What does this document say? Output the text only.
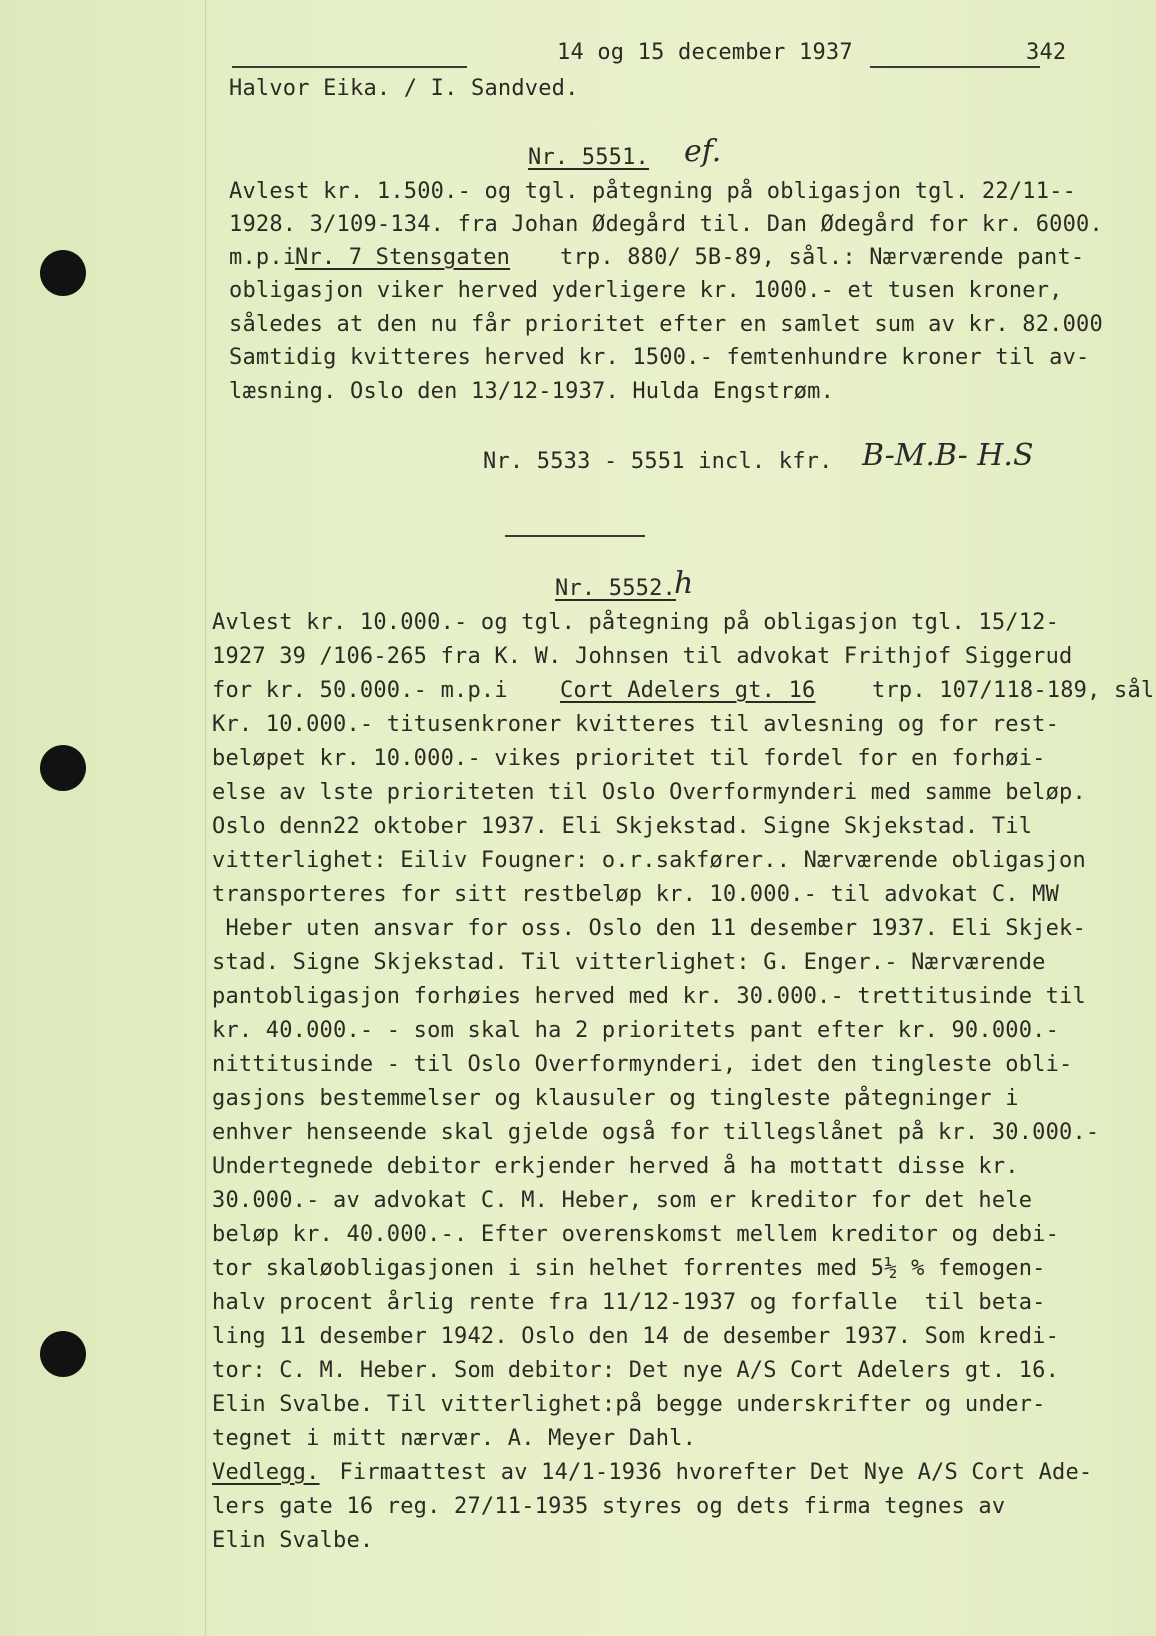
14 og 15 december 1937	342
Halvor Eika. / I. Sandved.
Nr. 5551. ef.
Avlest kr. 1.500.- og tgl. påtegning på obligasjon tgl. 22/11--
1928. 3/109-134. fra Johan Ødegård til. Dan Ødegård for kr. 6000.
m.p.i
Nr. 7 Stensgaten trp. 880/ 5B-89, sål.: Nærværende pant-
obligasjon viker herved yderligere kr. 1000.- et tusen kroner,
således at den nu får prioritet efter en samlet sum av kr. 82.000
Samtidig kvitteres herved kr. 1500.- femtenhundre kroner til av-
læsning. Oslo den 13/12-1937. Hulda Engstrøm.
Nr. 5533 - 5551 incl. kfr. B-M.B- H.S
Nr. 5552.
h
Avlest kr. 10.000.- og tgl. påtegning på obligasjon tgl. 15/12-
1927 39 /106-265 fra K. W. Johnsen til advokat Frithjof Siggerud
for kr. 50.000.- m.p.i Cort Adelers gt. 16	trp. 107/118-189, sål
Kr. 10.000.- titusenkroner kvitteres til avlesning og for rest-
beløpet kr. 10.000.- vikes prioritet til fordel for en forhøi-
else av lste prioriteten til Oslo Overformynderi med samme beløp.
Oslo denn22 oktober 1937. Eli Skjekstad. Signe Skjekstad. Til
vitterlighet: Eiliv Fougner: o.r.sakfører.. Nærværende obligasjon
transporteres for sitt restbeløp kr. 10.000.- til advokat C. MW
Heber uten ansvar for oss. Oslo den 11 desember 1937. Eli Skjek-
stad. Signe Skjekstad. Til vitterlighet: G. Enger.- Nærværende
pantobligasjon forhøies herved med kr. 30.000.- trettitusinde til
kr. 40.000.- - som skal ha 2 prioritets pant efter kr. 90.000.-
nittitusinde - til Oslo Overformynderi, idet den tingleste obli-
gasjons bestemmelser og klausuler og tingleste påtegninger i
enhver henseende skal gjelde også for tillegslånet på kr. 30.000.-
Undertegnede debitor erkjender herved å ha mottatt disse kr.
30.000.- av advokat C. M. Heber, som er kreditor for det hele
beløp kr. 40.000.-. Efter overenskomst mellem kreditor og debi-
tor skaløobligasjonen i sin helhet forrentes med 5½ % femogen-
halv procent årlig rente fra 11/12-1937 og forfalle  til beta-
ling 11 desember 1942. Oslo den 14 de desember 1937. Som kredi-
tor: C. M. Heber. Som debitor: Det nye A/S Cort Adelers gt. 16.
Elin Svalbe. Til vitterlighet:på begge underskrifter og under-
tegnet i mitt nærvær. A. Meyer Dahl.
Vedlegg. Firmaattest av 14/1-1936 hvorefter Det Nye A/S Cort Ade-
lers gate 16 reg. 27/11-1935 styres og dets firma tegnes av
Elin Svalbe.
